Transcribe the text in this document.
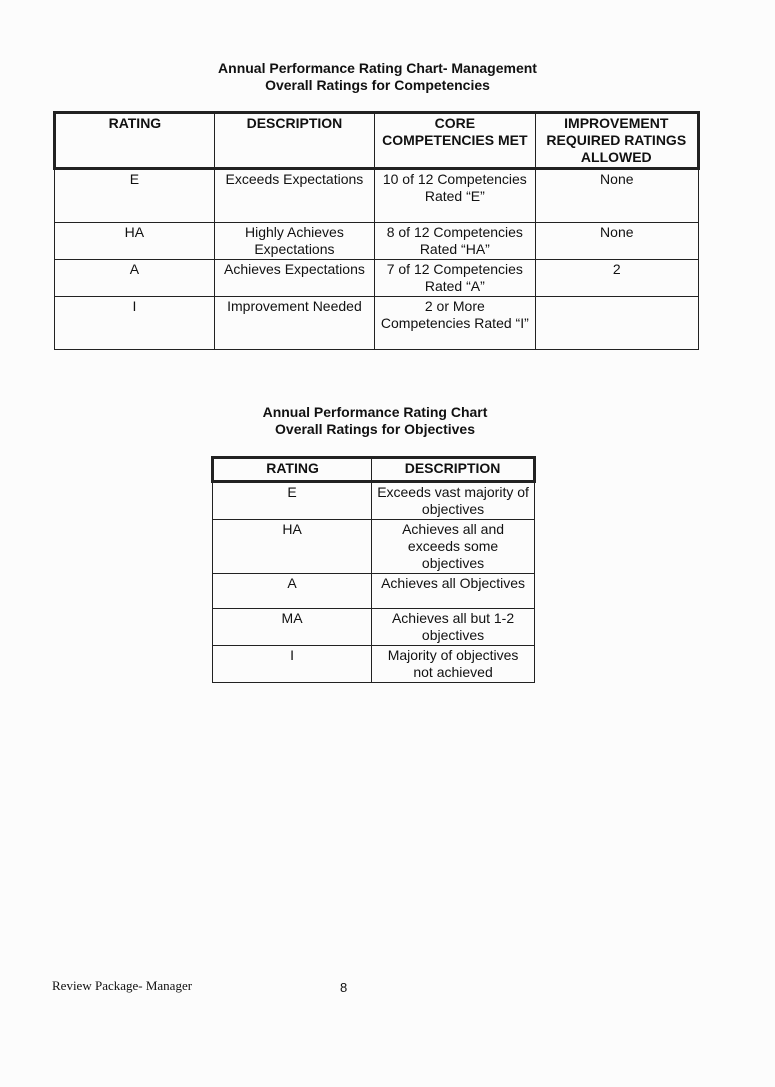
Annual Performance Rating Chart- Management
Overall Ratings for Competencies
RATING	DESCRIPTION	CORE COMPETENCIES MET	IMPROVEMENT REQUIRED RATINGS ALLOWED
E	Exceeds Expectations	10 of 12 Competencies Rated “E”	None
HA	Highly Achieves Expectations	8 of 12 Competencies Rated “HA”	None
A	Achieves Expectations	7 of 12 Competencies Rated “A”	2
I	Improvement Needed	2 or More Competencies Rated “I”	
Annual Performance Rating Chart
Overall Ratings for Objectives
RATING	DESCRIPTION
E	Exceeds vast majority of objectives
HA	Achieves all and exceeds some objectives
A	Achieves all Objectives
MA	Achieves all but 1-2 objectives
I	Majority of objectives not achieved
Review Package- Manager	8
